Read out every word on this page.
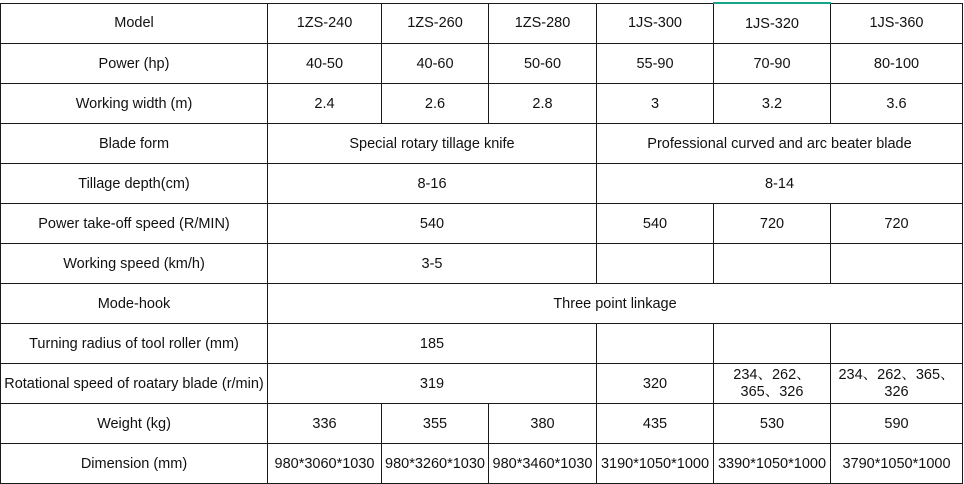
Model	1ZS-240	1ZS-260	1ZS-280	1JS-300	1JS-320	1JS-360
Power (hp)	40-50	40-60	50-60	55-90	70-90	80-100
Working width (m)	2.4	2.6	2.8	3	3.2	3.6
Blade form	Special rotary tillage knife			Professional curved and arc beater blade		
Tillage depth(cm)	8-16			8-14		
Power take-off speed (R/MIN)	540			540	720	720
Working speed (km/h)	3-5					
Mode-hook	Three point linkage					
Turning radius of tool roller (mm)	185					
Rotational speed of roatary blade (r/min)	319			320	234、262、365、326	234、262、365、326
Weight (kg)	336	355	380	435	530	590
Dimension (mm)	980*3060*1030	980*3260*1030	980*3460*1030	3190*1050*1000	3390*1050*1000	3790*1050*1000
